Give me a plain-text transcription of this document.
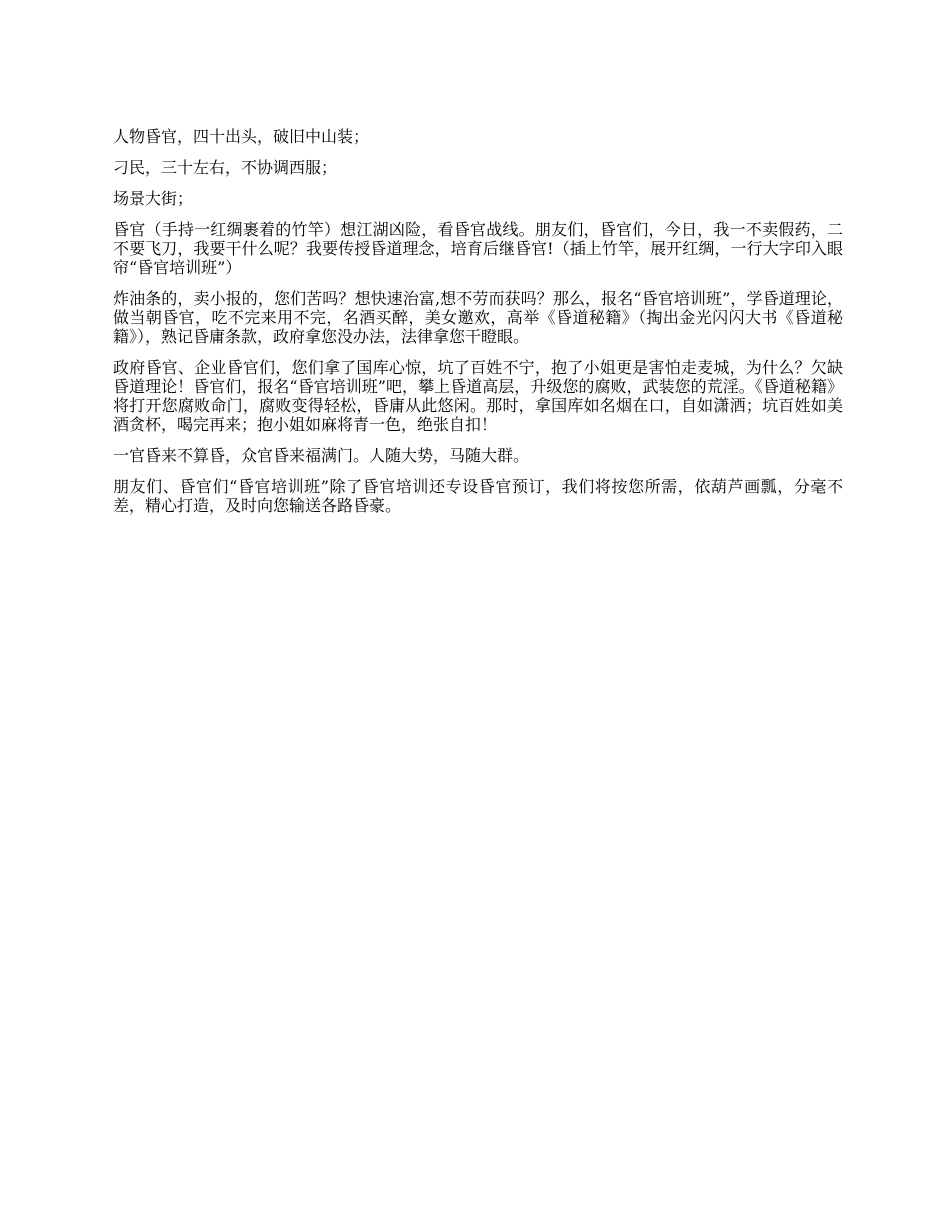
人物昏官，四十出头，破旧中山装；

刁民，三十左右，不协调西服；

场景大街；

昏官（手持一红绸裹着的竹竿）想江湖凶险，看昏官战线。朋友们，昏官们，今日，我一不卖假药，二不要飞刀，我要干什么呢？我要传授昏道理念，培育后继昏官!（插上竹竿，展开红绸，一行大字印入眼帘“昏官培训班”）

炸油条的，卖小报的，您们苦吗？想快速治富,想不劳而获吗？那么，报名“昏官培训班”，学昏道理论，做当朝昏官，吃不完来用不完，名酒买醉，美女邀欢，高举《昏道秘籍》（掏出金光闪闪大书《昏道秘籍》），熟记昏庸条款，政府拿您没办法，法律拿您干瞪眼。

政府昏官、企业昏官们，您们拿了国库心惊，坑了百姓不宁，抱了小姐更是害怕走麦城，为什么？欠缺昏道理论！昏官们，报名“昏官培训班”吧，攀上昏道高层，升级您的腐败，武装您的荒淫。《昏道秘籍》将打开您腐败命门，腐败变得轻松，昏庸从此悠闲。那时，拿国库如名烟在口，自如潇洒；坑百姓如美酒贪杯，喝完再来；抱小姐如麻将青一色，绝张自扣！

一官昏来不算昏，众官昏来福满门。人随大势，马随大群。

朋友们、昏官们“昏官培训班”除了昏官培训还专设昏官预订，我们将按您所需，依葫芦画瓢，分毫不差，精心打造，及时向您输送各路昏豪。
